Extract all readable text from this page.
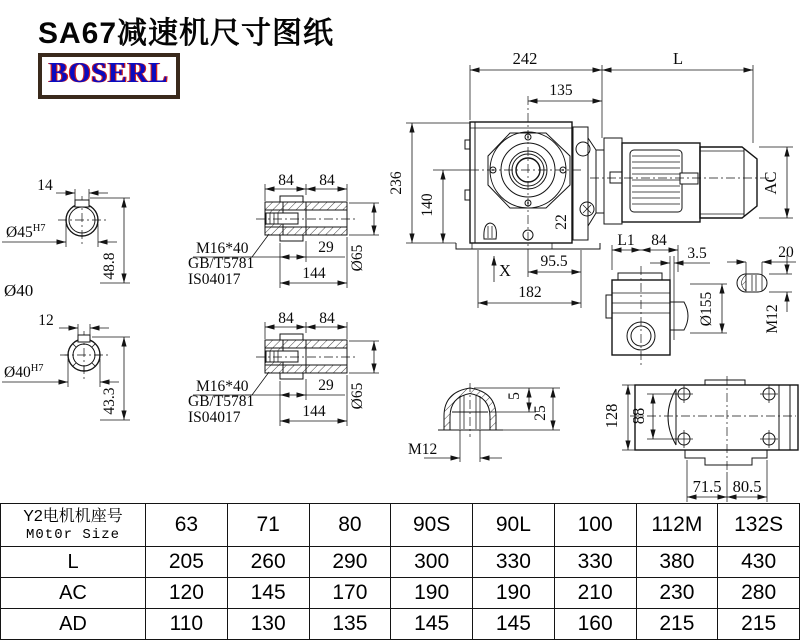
SA67减速机尺寸图纸
BOSERL
14
$Ø45^{H7}$
48.8
Ø40
12
$Ø40^{H7}$
43.3
84 84
29
144
Ø65
M16*40
GB/T5781
IS04017
22
242	L
135
236
140
AC
X 95.5
182
L1 84
3.5
Ø155
20
M12
M12
5
25	128 88
71.5 80.5
Y2电机机座号
M0t0r Size	63	71	80	90S	90L	100	112M	132S
L	205	260	290	300	330	330	380	430
AC	120	145	170	190	190	210	230	280
AD	110	130	135	145	145	160	215	215
